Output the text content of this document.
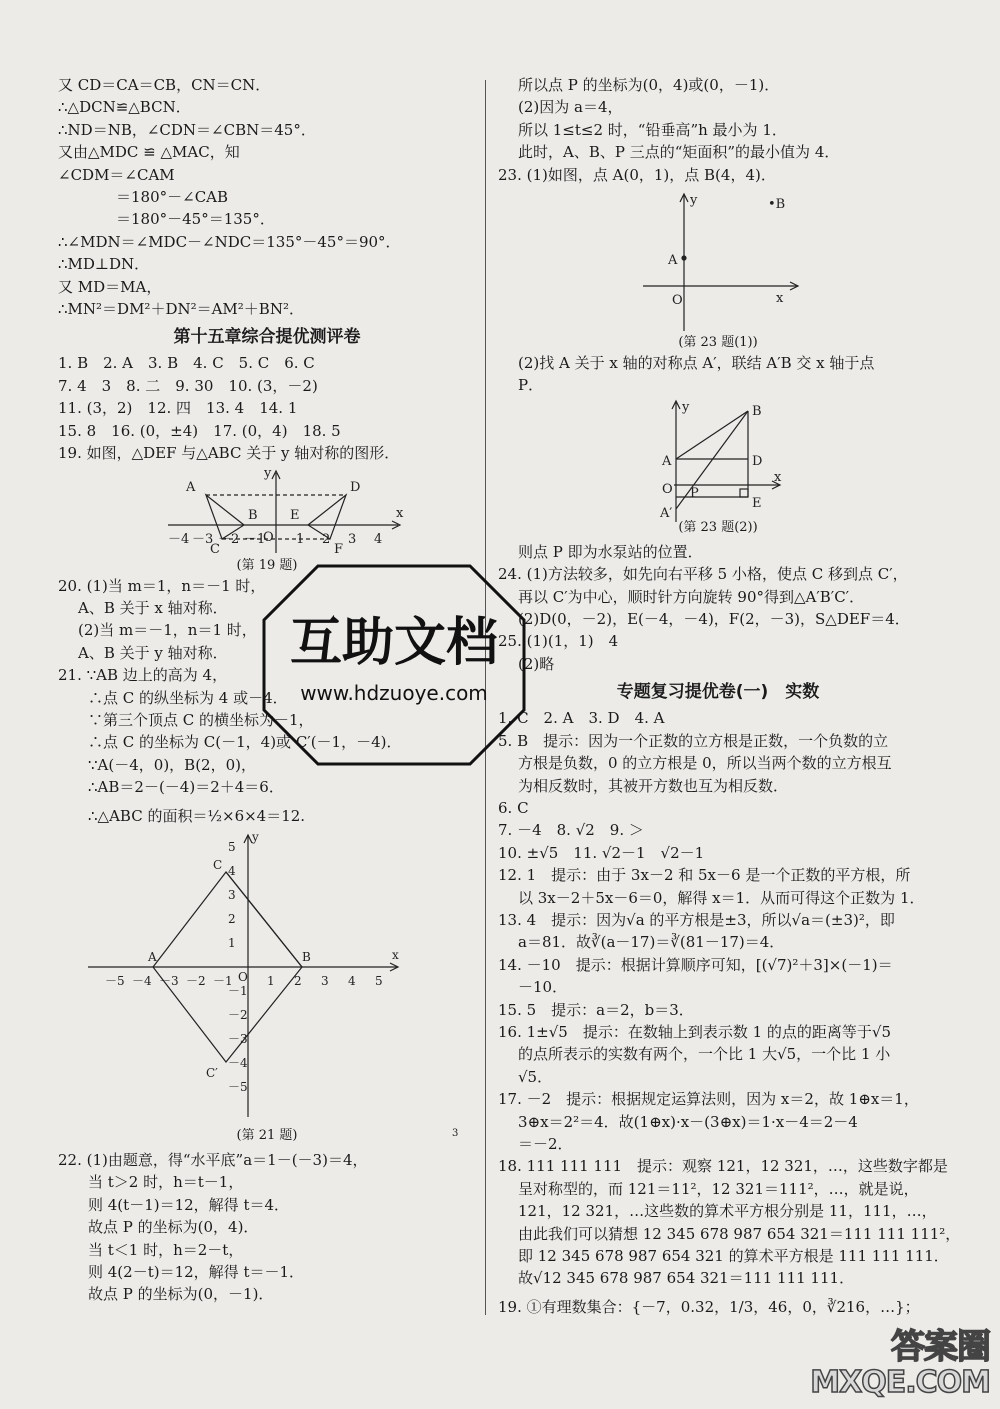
又 CD＝CA＝CB，CN＝CN．
∴△DCN≌△BCN．
∴ND＝NB，∠CDN＝∠CBN＝45°．
又由△MDC ≌ △MAC，知
∠CDM＝∠CAM
＝180°－∠CAB
＝180°－45°＝135°．
∴∠MDN＝∠MDC－∠NDC＝135°－45°＝90°．
∴MD⊥DN．
又 MD＝MA，
∴MN²＝DM²＋DN²＝AM²＋BN²．
第十五章综合提优测评卷
1. B　2. A　3. B　4. C　5. C　6. C
7. 4　3　8. 二　9. 30　10. (3，－2)
11. (3，2)　12. 四　13. 4　14. 1
15. 8　16. (0，±4)　17. (0，4)　18. 5
19. 如图，△DEF 与△ABC 关于 y 轴对称的图形．
A
B
C
D
E
F
y
x
O
－4 －3 －2 －1 1 2 3 4
(第 19 题)
20. (1)当 m＝1，n＝－1 时，
A、B 关于 x 轴对称．
(2)当 m＝－1，n＝1 时，
A、B 关于 y 轴对称．
21. ∵AB 边上的高为 4，
∴点 C 的纵坐标为 4 或－4．
∵第三个顶点 C 的横坐标为－1，
∴点 C 的坐标为 C(－1，4)或 C′(－1，－4)．
∵A(－4，0)，B(2，0)，
∴AB＝2－(－4)＝2＋4＝6．
∴△ABC 的面积＝½×6×4＝12.
A	B
C
C′
y
x
O
－5 －4 －3 －2 －1	1 2 3 4 5
5
4
3
2
1
－1
－2
－3
－4
－5
(第 21 题)
22. (1)由题意，得“水平底”a＝1－(－3)＝4，
当 t＞2 时，h＝t－1，
则 4(t－1)＝12，解得 t＝4．
故点 P 的坐标为(0，4)．
当 t＜1 时，h＝2－t，
则 4(2－t)＝12，解得 t＝－1．
故点 P 的坐标为(0，－1)．
所以点 P 的坐标为(0，4)或(0，－1)．
(2)因为 a＝4，
所以 1≤t≤2 时，“铅垂高”h 最小为 1．
此时，A、B、P 三点的“矩面积”的最小值为 4．
23. (1)如图，点 A(0，1)，点 B(4，4)．
y	•B
A
O	x
(第 23 题(1))
(2)找 A 关于 x 轴的对称点 A′，联结 A′B 交 x 轴于点
P．
y	B
A	D
O P
E
x
A′
(第 23 题(2))
则点 P 即为水泵站的位置．
24. (1)方法较多，如先向右平移 5 小格，使点 C 移到点 C′，
再以 C′为中心，顺时针方向旋转 90°得到△A′B′C′．
(2)D(0，－2)，E(－4，－4)，F(2，－3)，S△DEF＝4．
25. (1)(1，1)　4
(2)略
专题复习提优卷(一)　实数
1. C　2. A　3. D　4. A
5. B　提示：因为一个正数的立方根是正数，一个负数的立
方根是负数，0 的立方根是 0，所以当两个数的立方根互
为相反数时，其被开方数也互为相反数．
6. C
7. －4　8. √2　9. ＞
10. ±√5　11. √2－1　√2－1
12. 1　提示：由于 3x－2 和 5x－6 是一个正数的平方根，所
以 3x－2＋5x－6＝0，解得 x＝1．从而可得这个正数为 1．
13. 4　提示：因为√a 的平方根是±3，所以√a＝(±3)²，即
a＝81．故∛(a－17)＝∛(81－17)＝4．
14. －10　提示：根据计算顺序可知，[(√7)²＋3]×(－1)＝
－10．
15. 5　提示：a＝2，b＝3．
16. 1±√5　提示：在数轴上到表示数 1 的点的距离等于√5
的点所表示的实数有两个，一个比 1 大√5，一个比 1 小
√5．
17. －2　提示：根据规定运算法则，因为 x＝2，故 1⊕x＝1，
3⊕x＝2²＝4．故(1⊕x)·x－(3⊕x)＝1·x－4＝2－4
＝－2．
18. 111 111 111　提示：观察 121，12 321，…，这些数字都是
呈对称型的，而 121＝11²，12 321＝111²，…，就是说，
121，12 321，…这些数的算术平方根分别是 11，111，…，
由此我们可以猜想 12 345 678 987 654 321＝111 111 111²，
即 12 345 678 987 654 321 的算术平方根是 111 111 111．
故√12 345 678 987 654 321＝111 111 111．
19. ①有理数集合：{－7，0.32，1/3，46，0，∛216，…}；
3
互助文档
www.hdzuoye.com
答案圈
MXQE.COM
